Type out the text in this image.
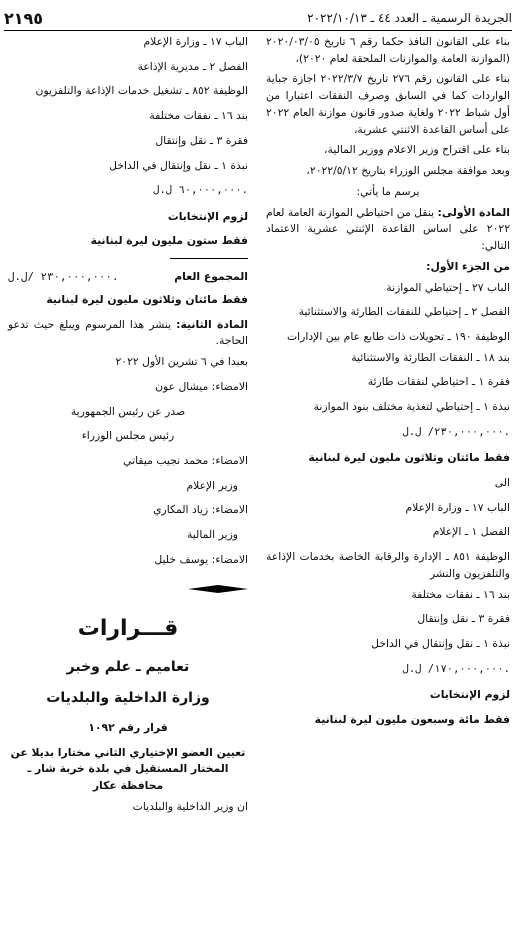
الجريدة الرسمية ـ العدد ٤٤ ـ ٢٠٢٢/١٠/١٣
٢١٩٥

بناء على القانون النافذ حكما رقم ٦ تاريخ ٢٠٢٠/٠٣/٠٥ (الموازنة العامة والموازنات الملحقة لعام ٢٠٢٠)،

بناء على القانون رقم ٢٧٦ تاريخ ٢٠٢٢/٣/٧ اجازة جباية الواردات كما في السابق وصرف النفقات اعتبارا من أول شباط ٢٠٢٢ ولغاية صدور قانون موازنة العام ٢٠٢٢ على أساس القاعدة الاثنتي عشرية،

بناء على اقتراح وزير الاعلام ووزير المالية،

وبعد موافقة مجلس الوزراء بتاريخ ٢٠٢٢/٥/١٢،

يرسم ما يأتي:

المادة الأولى: ينقل من احتياطي الموازنة العامة لعام ٢٠٢٢ على اساس القاعدة الإثنتي عشرية الاعتماد التالي:

من الجزء الأول:

الباب ٢٧ ـ إحتياطي الموازنة
الفصل ٢ ـ إحتياطي للنفقات الطارئة والاستثنائية

الوظيفة ١٩٠ ـ تحويلات ذات طابع عام بين الإدارات

بند ١٨ ـ النفقات الطارئة والاستثنائية
فقرة ١ ـ احتياطي لنفقات طارئة
نبذة ١ ـ إحتياطي لتغذية مختلف بنود الموازنة
٢٣٠,٠٠٠,٠٠٠/ ل.ل.
فقط مائتان وثلاثون مليون ليرة لبنانية
الى
الباب ١٧ ـ وزارة الإعلام
الفصل ١ ـ الإعلام

الوظيفة ٨٥١ ـ الإدارة والرقابة الخاصة بخدمات الإذاعة والتلفزيون والنشر

بند ١٦ ـ نفقات مختلفة
فقرة ٣ ـ نقل وإنتقال
نبذة ١ ـ نقل وإنتقال في الداخل
١٧٠,٠٠٠,٠٠٠/ ل.ل.
لزوم الإنتخابات
فقط مائة وسبعون مليون ليرة لبنانية
الباب ١٧ ـ وزارة الإعلام
الفصل ٢ ـ مديرية الإذاعة
الوظيفة ٨٥٢ ـ تشغيل خدمات الإذاعة والتلفزيون
بند ١٦ ـ نفقات مختلفة
فقرة ٣ ـ نقل وإنتقال
نبذة ١ ـ نقل وإنتقال في الداخل
٦٠,٠٠٠,٠٠٠ ل.ل.
لزوم الإنتخابات
فقط ستون مليون ليرة لبنانية
المجموع العام
٢٣٠,٠٠٠,٠٠٠ /ل.ل.
فقط مائتان وثلاثون مليون ليرة لبنانية

المادة الثانية: ينشر هذا المرسوم ويبلغ حيث تدعو الحاجة.

بعبدا في ٦ تشرين الأول ٢٠٢٢
الامضاء: ميشال عون
صدر عن رئيس الجمهورية
رئيس مجلس الوزراء
الامضاء: محمد نجيب ميقاتي
وزير الإعلام
الامضاء: زياد المكاري
وزير المالية
الامضاء: يوسف خليل
قـــرارات
تعاميم ـ علم وخبر
وزارة الداخلية والبلديات
قرار رقم ١٠٩٢

تعيين العضو الإختياري الثاني مختارا بديلا عن المختار المستقيل في بلدة خربة شار ـ محافظة عكار

ان وزير الداخلية والبلديات
